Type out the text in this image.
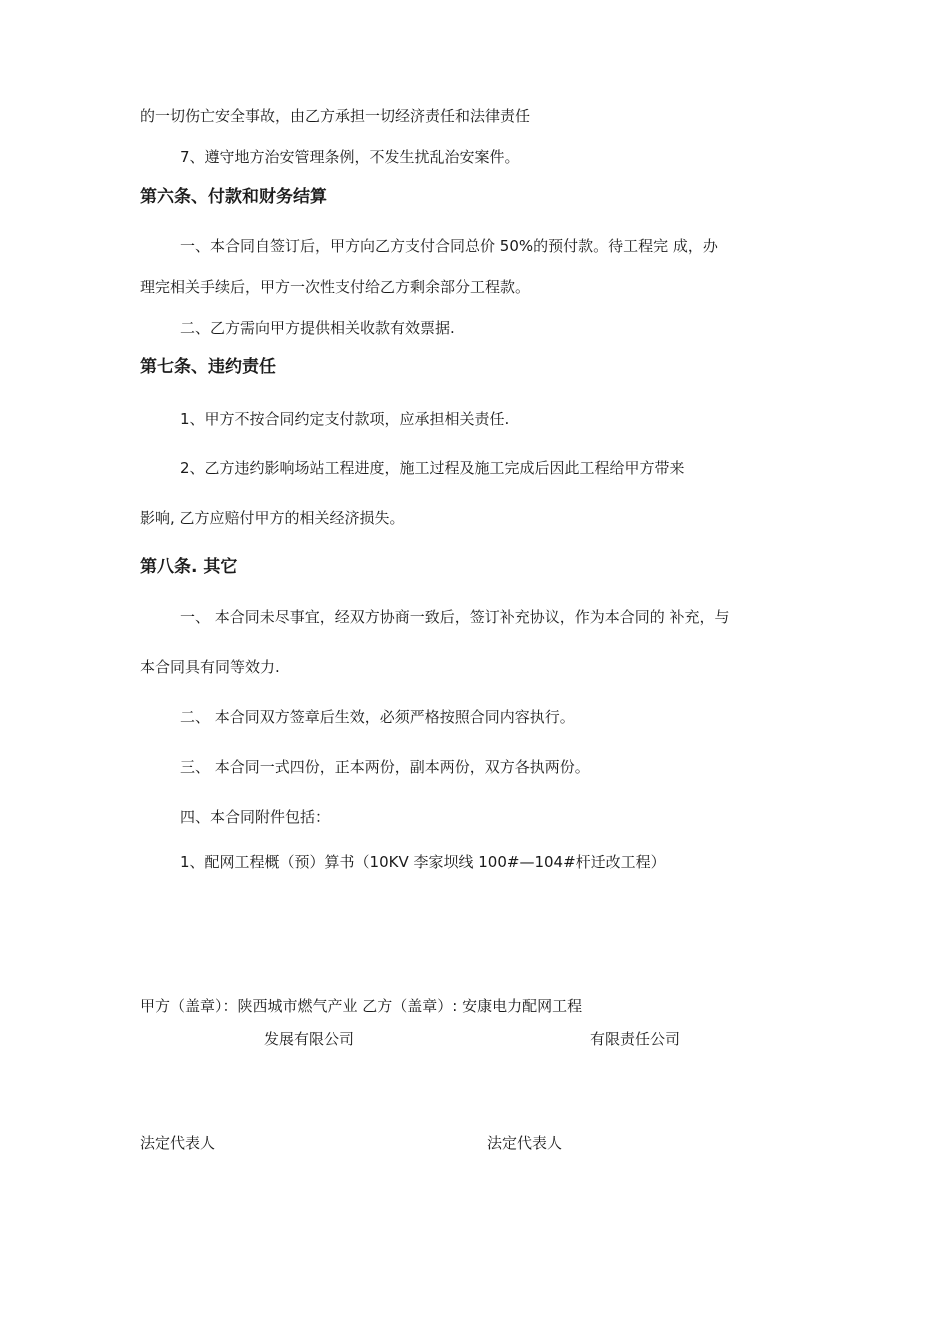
的一切伤亡安全事故，由乙方承担一切经济责任和法律责任
7、遵守地方治安管理条例，不发生扰乱治安案件。
第六条、付款和财务结算
一、本合同自签订后，甲方向乙方支付合同总价 50%的预付款。待工程完 成，办
理完相关手续后，甲方一次性支付给乙方剩余部分工程款。
二、乙方需向甲方提供相关收款有效票据.
第七条、违约责任
1、甲方不按合同约定支付款项，应承担相关责任.
2、乙方违约影响场站工程进度，施工过程及施工完成后因此工程给甲方带来
影响, 乙方应赔付甲方的相关经济损失。
第八条. 其它
一、 本合同未尽事宜，经双方协商一致后，签订补充协议，作为本合同的 补充，与
本合同具有同等效力.
二、 本合同双方签章后生效，必须严格按照合同内容执行。
三、 本合同一式四份，正本两份，副本两份，双方各执两份。
四、本合同附件包括：
1、配网工程概（预）算书（10KV 李家坝线 100#—104#杆迁改工程）
甲方（盖章）：陕西城市燃气产业 乙方（盖章）: 安康电力配网工程
发展有限公司	有限责任公司
法定代表人	法定代表人
